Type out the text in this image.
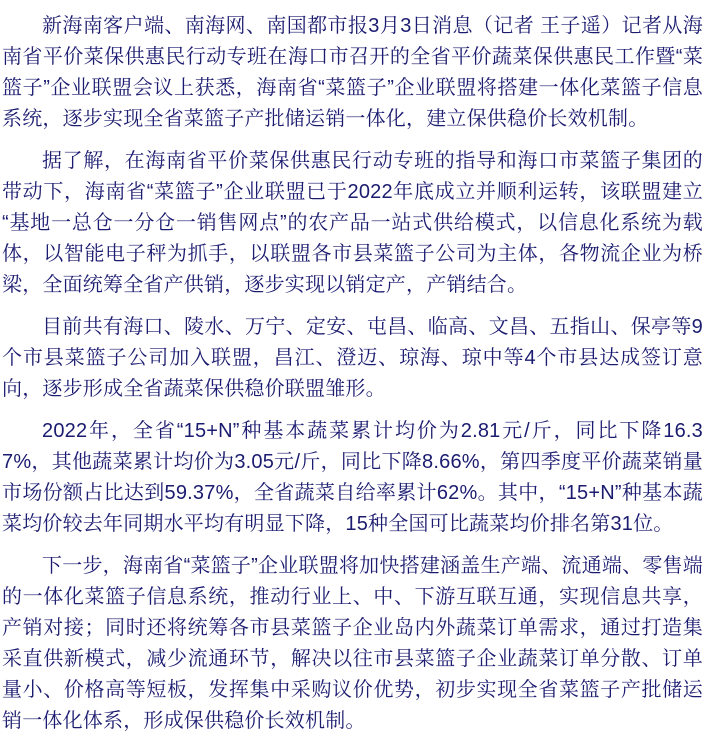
新海南客户端、南海网、南国都市报3月3日消息（记者 王子遥）记者从海南省平价菜保供惠民行动专班在海口市召开的全省平价蔬菜保供惠民工作暨“菜篮子”企业联盟会议上获悉，海南省“菜篮子”企业联盟将搭建一体化菜篮子信息系统，逐步实现全省菜篮子产批储运销一体化，建立保供稳价长效机制。

据了解，在海南省平价菜保供惠民行动专班的指导和海口市菜篮子集团的带动下，海南省“菜篮子”企业联盟已于2022年底成立并顺利运转，该联盟建立“基地一总仓一分仓一销售网点”的农产品一站式供给模式，以信息化系统为载体，以智能电子秤为抓手，以联盟各市县菜篮子公司为主体，各物流企业为桥梁，全面统筹全省产供销，逐步实现以销定产，产销结合。

目前共有海口、陵水、万宁、定安、屯昌、临高、文昌、五指山、保亭等9个市县菜篮子公司加入联盟，昌江、澄迈、琼海、琼中等4个市县达成签订意向，逐步形成全省蔬菜保供稳价联盟雏形。

2022年，全省“15+N”种基本蔬菜累计均价为2.81元/斤，同比下降16.37%，其他蔬菜累计均价为3.05元/斤，同比下降8.66%，第四季度平价蔬菜销量市场份额占比达到59.37%，全省蔬菜自给率累计62%。其中，“15+N”种基本蔬菜均价较去年同期水平均有明显下降，15种全国可比蔬菜均价排名第31位。

下一步，海南省“菜篮子”企业联盟将加快搭建涵盖生产端、流通端、零售端的一体化菜篮子信息系统，推动行业上、中、下游互联互通，实现信息共享，产销对接；同时还将统筹各市县菜篮子企业岛内外蔬菜订单需求，通过打造集采直供新模式，减少流通环节，解决以往市县菜篮子企业蔬菜订单分散、订单量小、价格高等短板，发挥集中采购议价优势，初步实现全省菜篮子产批储运销一体化体系，形成保供稳价长效机制。
